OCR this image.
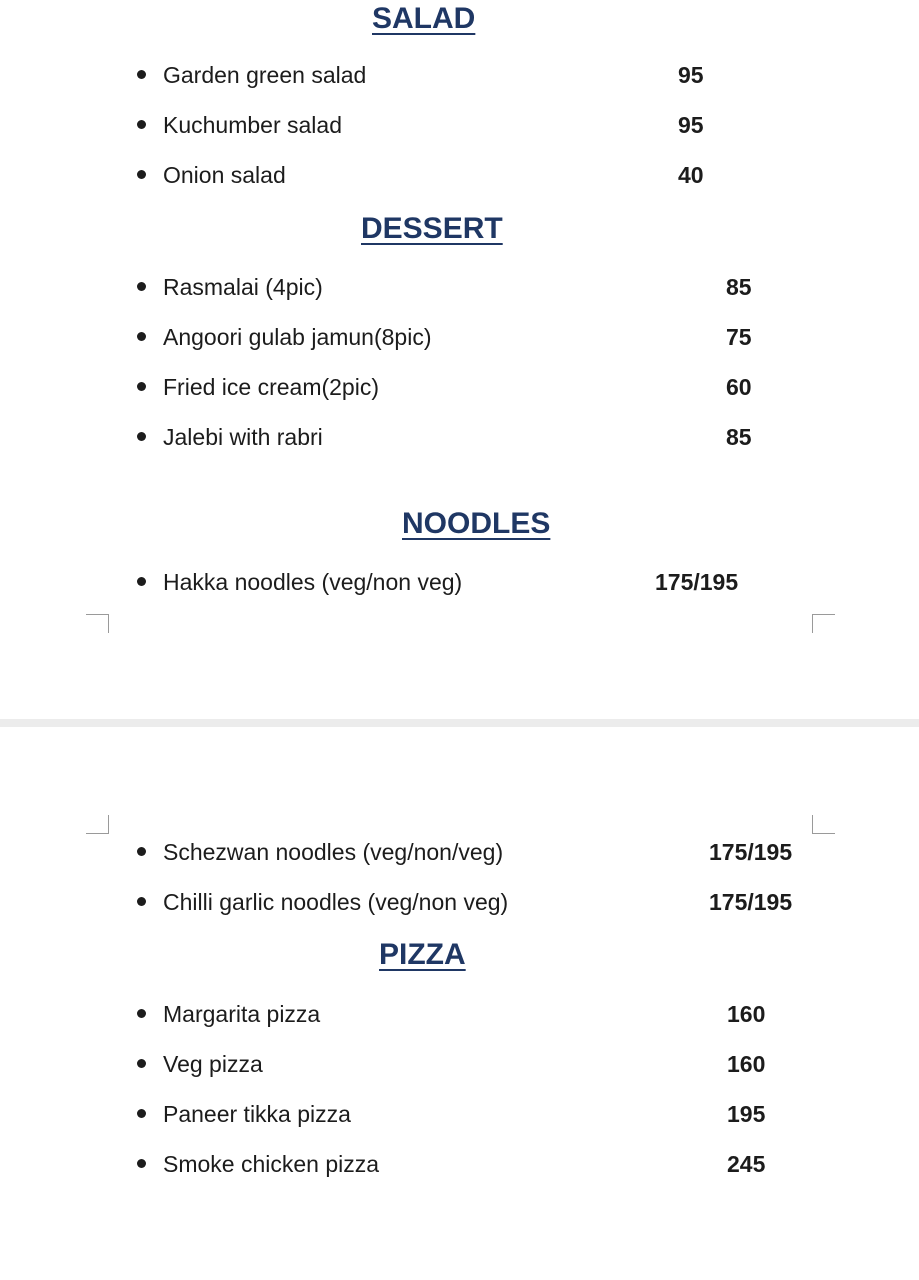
SALAD
Garden green salad	95
Kuchumber salad	95
Onion salad	40
DESSERT
Rasmalai (4pic)	85
Angoori gulab jamun(8pic)	75
Fried ice cream(2pic)	60
Jalebi with rabri	85
NOODLES
Hakka noodles (veg/non veg)	175/195
Schezwan noodles (veg/non/veg)	175/195
Chilli garlic noodles (veg/non veg)	175/195
PIZZA
Margarita pizza	160
Veg pizza	160
Paneer tikka pizza	195
Smoke chicken pizza	245
